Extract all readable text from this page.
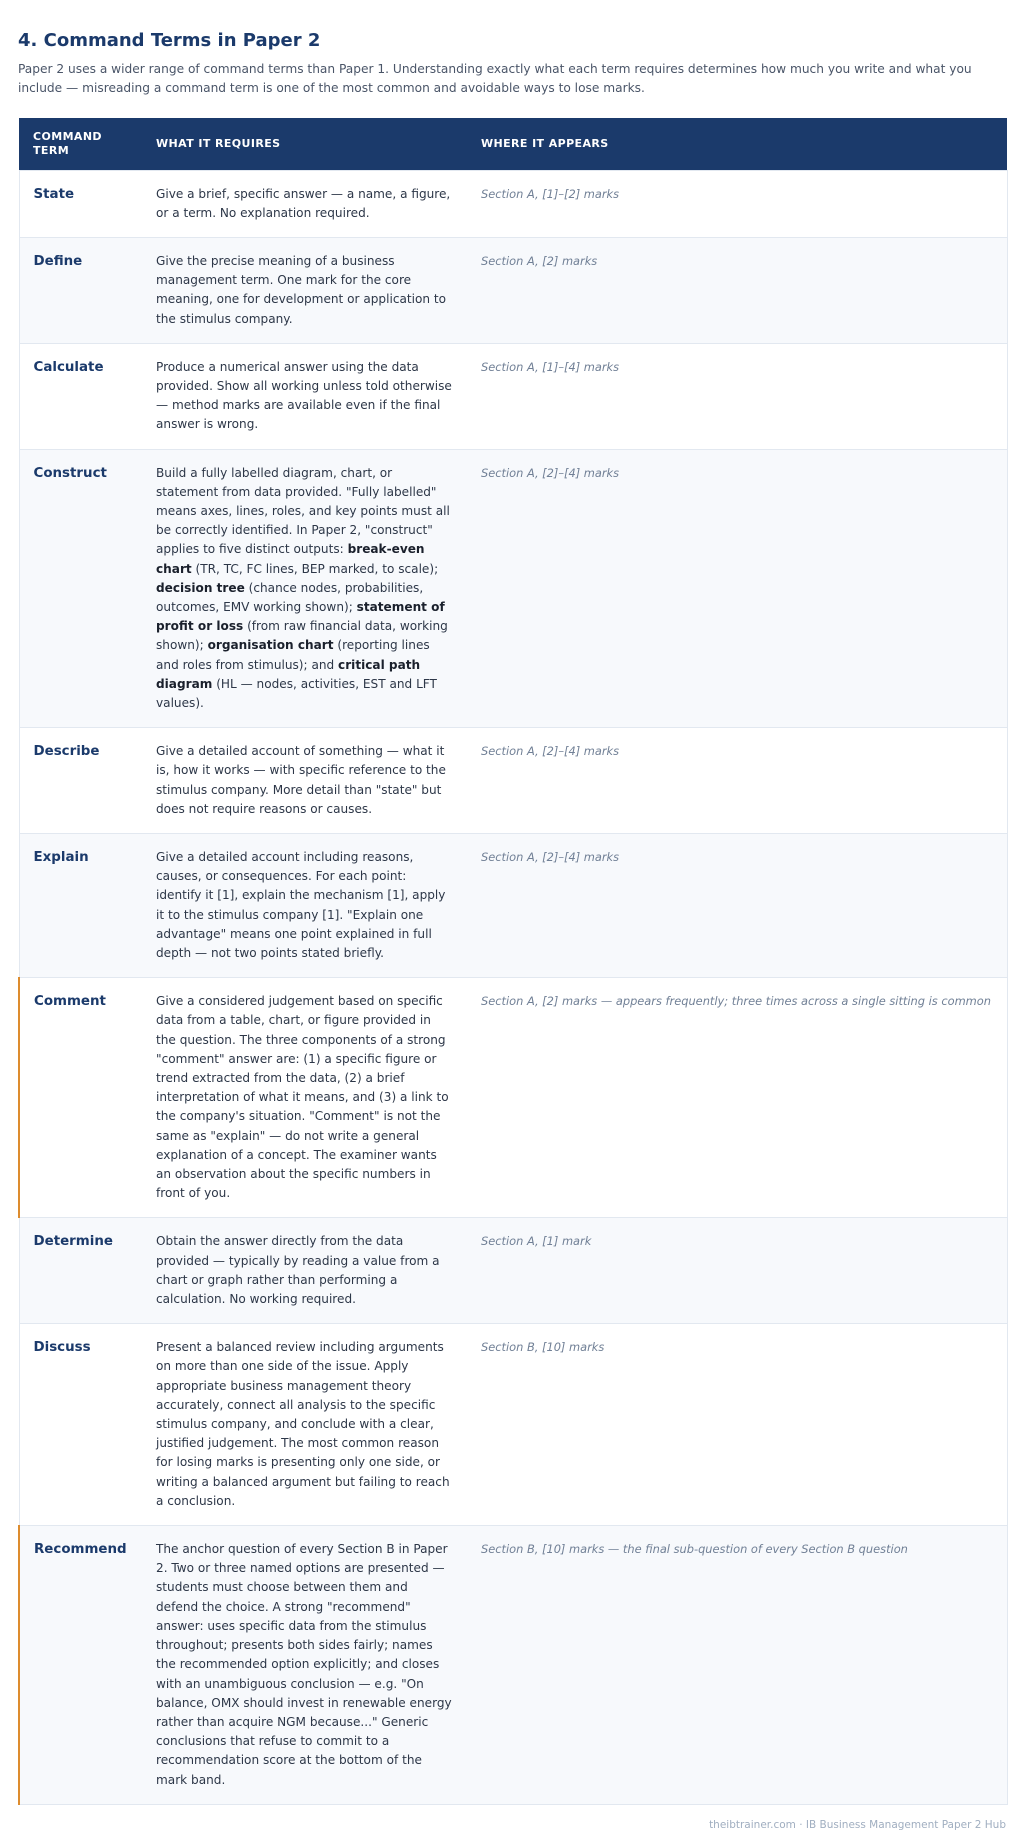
4. Command Terms in Paper 2

Paper 2 uses a wider range of command terms than Paper 1. Understanding exactly what each term requires determines how much you write and what you include — misreading a command term is one of the most common and avoidable ways to lose marks.

COMMAND TERM	WHAT IT REQUIRES	WHERE IT APPEARS
State	Give a brief, specific answer — a name, a figure, or a term. No explanation required.	Section A, [1]–[2] marks
Define	Give the precise meaning of a business management term. One mark for the core meaning, one for development or application to the stimulus company.	Section A, [2] marks
Calculate	Produce a numerical answer using the data provided. Show all working unless told otherwise — method marks are available even if the final answer is wrong.	Section A, [1]–[4] marks
Construct	Build a fully labelled diagram, chart, or statement from data provided. "Fully labelled" means axes, lines, roles, and key points must all be correctly identified. In Paper 2, "construct" applies to five distinct outputs: break-even chart (TR, TC, FC lines, BEP marked, to scale); decision tree (chance nodes, probabilities, outcomes, EMV working shown); statement of profit or loss (from raw financial data, working shown); organisation chart (reporting lines and roles from stimulus); and critical path diagram (HL — nodes, activities, EST and LFT values).	Section A, [2]–[4] marks
Describe	Give a detailed account of something — what it is, how it works — with specific reference to the stimulus company. More detail than "state" but does not require reasons or causes.	Section A, [2]–[4] marks
Explain	Give a detailed account including reasons, causes, or consequences. For each point: identify it [1], explain the mechanism [1], apply it to the stimulus company [1]. "Explain one advantage" means one point explained in full depth — not two points stated briefly.	Section A, [2]–[4] marks
Comment	Give a considered judgement based on specific data from a table, chart, or figure provided in the question. The three components of a strong "comment" answer are: (1) a specific figure or trend extracted from the data, (2) a brief interpretation of what it means, and (3) a link to the company's situation. "Comment" is not the same as "explain" — do not write a general explanation of a concept. The examiner wants an observation about the specific numbers in front of you.	Section A, [2] marks — appears frequently; three times across a single sitting is common
Determine	Obtain the answer directly from the data provided — typically by reading a value from a chart or graph rather than performing a calculation. No working required.	Section A, [1] mark
Discuss	Present a balanced review including arguments on more than one side of the issue. Apply appropriate business management theory accurately, connect all analysis to the specific stimulus company, and conclude with a clear, justified judgement. The most common reason for losing marks is presenting only one side, or writing a balanced argument but failing to reach a conclusion.	Section B, [10] marks
Recommend	The anchor question of every Section B in Paper 2. Two or three named options are presented — students must choose between them and defend the choice. A strong "recommend" answer: uses specific data from the stimulus throughout; presents both sides fairly; names the recommended option explicitly; and closes with an unambiguous conclusion — e.g. "On balance, OMX should invest in renewable energy rather than acquire NGM because..." Generic conclusions that refuse to commit to a recommendation score at the bottom of the mark band.	Section B, [10] marks — the final sub-question of every Section B question
theibtrainer.com · IB Business Management Paper 2 Hub
